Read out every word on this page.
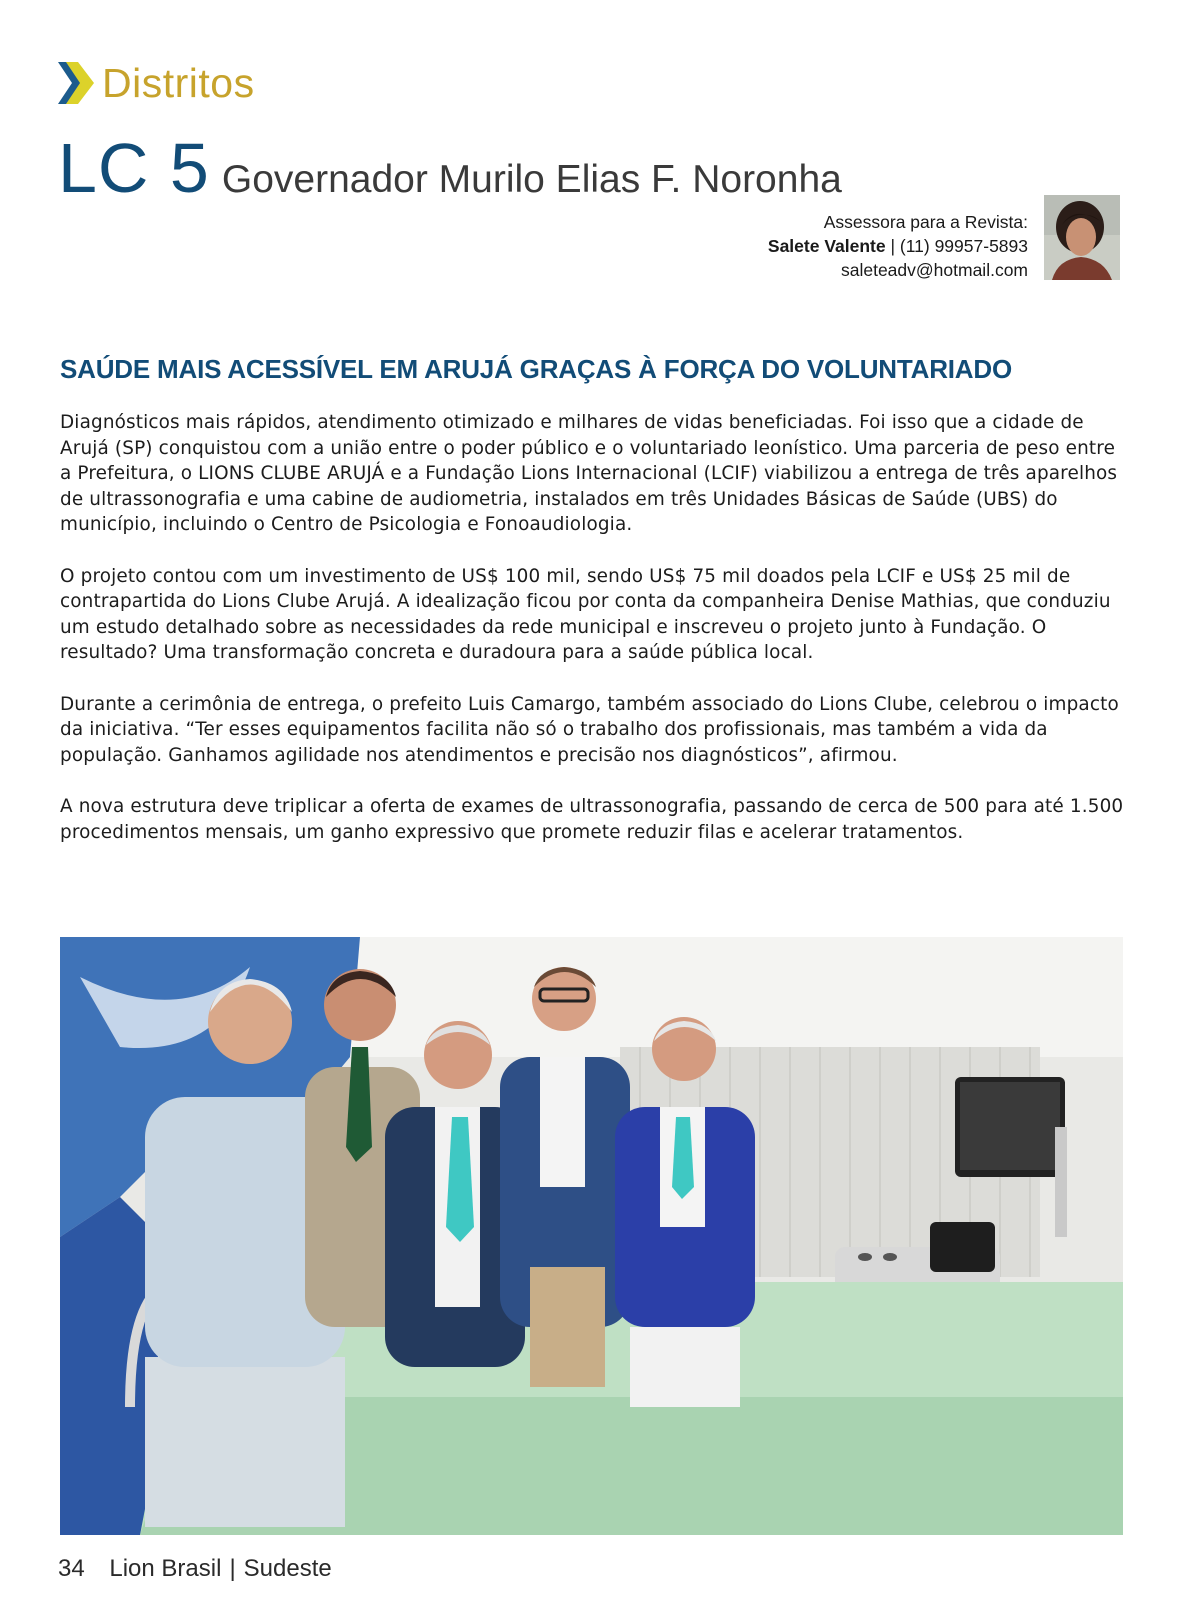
Distritos
LC 5 Governador Murilo Elias F. Noronha
Assessora para a Revista:
Salete Valente | (11) 99957-5893
saleteadv@hotmail.com
SAÚDE MAIS ACESSÍVEL EM ARUJÁ GRAÇAS À FORÇA DO VOLUNTARIADO

Diagnósticos mais rápidos, atendimento otimizado e milhares de vidas beneficiadas. Foi isso que a cidade de Arujá (SP) conquistou com a união entre o poder público e o voluntariado leonístico. Uma parceria de peso entre a Prefeitura, o LIONS CLUBE ARUJÁ e a Fundação Lions Internacional (LCIF) viabilizou a entrega de três aparelhos de ultrassonografia e uma cabine de audiometria, instalados em três Unidades Básicas de Saúde (UBS) do município, incluindo o Centro de Psicologia e Fonoaudiologia.

O projeto contou com um investimento de US$ 100 mil, sendo US$ 75 mil doados pela LCIF e US$ 25 mil de contrapartida do Lions Clube Arujá. A idealização ficou por conta da companheira Denise Mathias, que conduziu um estudo detalhado sobre as necessidades da rede municipal e inscreveu o projeto junto à Fundação. O resultado? Uma transformação concreta e duradoura para a saúde pública local.

Durante a cerimônia de entrega, o prefeito Luis Camargo, também associado do Lions Clube, celebrou o impacto da iniciativa. “Ter esses equipamentos facilita não só o trabalho dos profissionais, mas também a vida da população. Ganhamos agilidade nos atendimentos e precisão nos diagnósticos”, afirmou.

A nova estrutura deve triplicar a oferta de exames de ultrassonografia, passando de cerca de 500 para até 1.500 procedimentos mensais, um ganho expressivo que promete reduzir filas e acelerar tratamentos.

34 Lion Brasil | Sudeste
